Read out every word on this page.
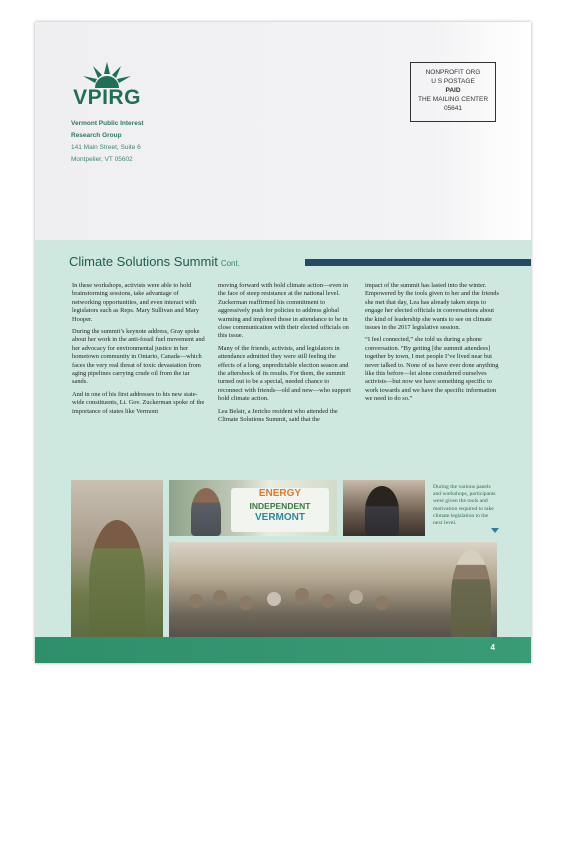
VPIRG
Vermont Public Interest
Research Group
141 Main Street, Suite 6
Montpelier, VT 05602
NONPROFIT ORG
U S POSTAGE
PAID
THE MAILING CENTER
05641
Climate Solutions Summit Cont.

In these workshops, activists were able to hold brainstorming sessions, take advantage of networking opportunities, and even interact with legislators such as Reps. Mary Sullivan and Mary Hooper.

During the summit’s keynote address, Gray spoke about her work in the anti-fossil fuel movement and her advocacy for environmental justice in her hometown community in Ontario, Canada—which faces the very real threat of toxic devastation from aging pipelines carrying crude oil from the tar sands.

And in one of his first addresses to his new state-wide constituents, Lt. Gov. Zuckerman spoke of the importance of states like Vermont

moving forward with bold climate action—even in the face of steep resistance at the national level. Zuckerman reaffirmed his commitment to aggressively push for policies to address global warming and implored those in attendance to be in close communication with their elected officials on this issue.

Many of the friends, activists, and legislators in attendance admitted they were still feeling the effects of a long, unpredictable election season and the aftershock of its results. For them, the summit turned out to be a special, needed chance to reconnect with friends—old and new—who support bold climate action.

Lea Belair, a Jericho resident who attended the Climate Solutions Summit, said that the

impact of the summit has lasted into the winter. Empowered by the tools given to her and the friends she met that day, Lea has already taken steps to engage her elected officials in conversations about the kind of leadership she wants to see on climate issues in the 2017 legislative session.

“I feel connected,” she told us during a phone conversation. “By getting [the summit attendees] together by town, I met people I’ve lived near but never talked to. None of us have ever done anything like this before—let alone considered ourselves activists—but now we have something specific to work towards and we have the specific information we need to do so.”

ENERGY
INDEPENDENT
VERMONT
During the various panels and workshops, participants were given the tools and motivation required to take climate legislation to the next level.
4
